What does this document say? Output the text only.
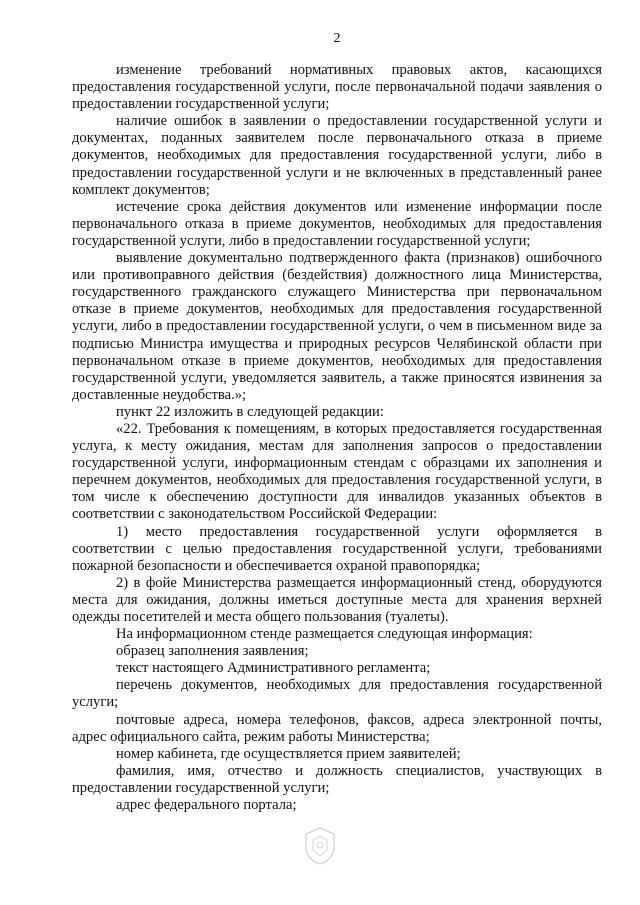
2

изменение требований нормативных правовых актов, касающихся предоставления государственной услуги, после первоначальной подачи заявления о предоставлении государственной услуги;

наличие ошибок в заявлении о предоставлении государственной услуги и документах, поданных заявителем после первоначального отказа в приеме документов, необходимых для предоставления государственной услуги, либо в предоставлении государственной услуги и не включенных в представленный ранее комплект документов;

истечение срока действия документов или изменение информации после первоначального отказа в приеме документов, необходимых для предоставления государственной услуги, либо в предоставлении государственной услуги;

выявление документально подтвержденного факта (признаков) ошибочного или противоправного действия (бездействия) должностного лица Министерства, государственного гражданского служащего Министерства при первоначальном отказе в приеме документов, необходимых для предоставления государственной услуги, либо в предоставлении государственной услуги, о чем в письменном виде за подписью Министра имущества и природных ресурсов Челябинской области при первоначальном отказе в приеме документов, необходимых для предоставления государственной услуги, уведомляется заявитель, а также приносятся извинения за доставленные неудобства.»;

пункт 22 изложить в следующей редакции:

«22. Требования к помещениям, в которых предоставляется государственная услуга, к месту ожидания, местам для заполнения запросов о предоставлении государственной услуги, информационным стендам с образцами их заполнения и перечнем документов, необходимых для предоставления государственной услуги, в том числе к обеспечению доступности для инвалидов указанных объектов в соответствии с законодательством Российской Федерации:

1) место предоставления государственной услуги оформляется в соответствии с целью предоставления государственной услуги, требованиями пожарной безопасности и обеспечивается охраной правопорядка;

2) в фойе Министерства размещается информационный стенд, оборудуются места для ожидания, должны иметься доступные места для хранения верхней одежды посетителей и места общего пользования (туалеты).

На информационном стенде размещается следующая информация:

образец заполнения заявления;

текст настоящего Административного регламента;

перечень документов, необходимых для предоставления государственной услуги;

почтовые адреса, номера телефонов, факсов, адреса электронной почты, адрес официального сайта, режим работы Министерства;

номер кабинета, где осуществляется прием заявителей;

фамилия, имя, отчество и должность специалистов, участвующих в предоставлении государственной услуги;

адрес федерального портала;
